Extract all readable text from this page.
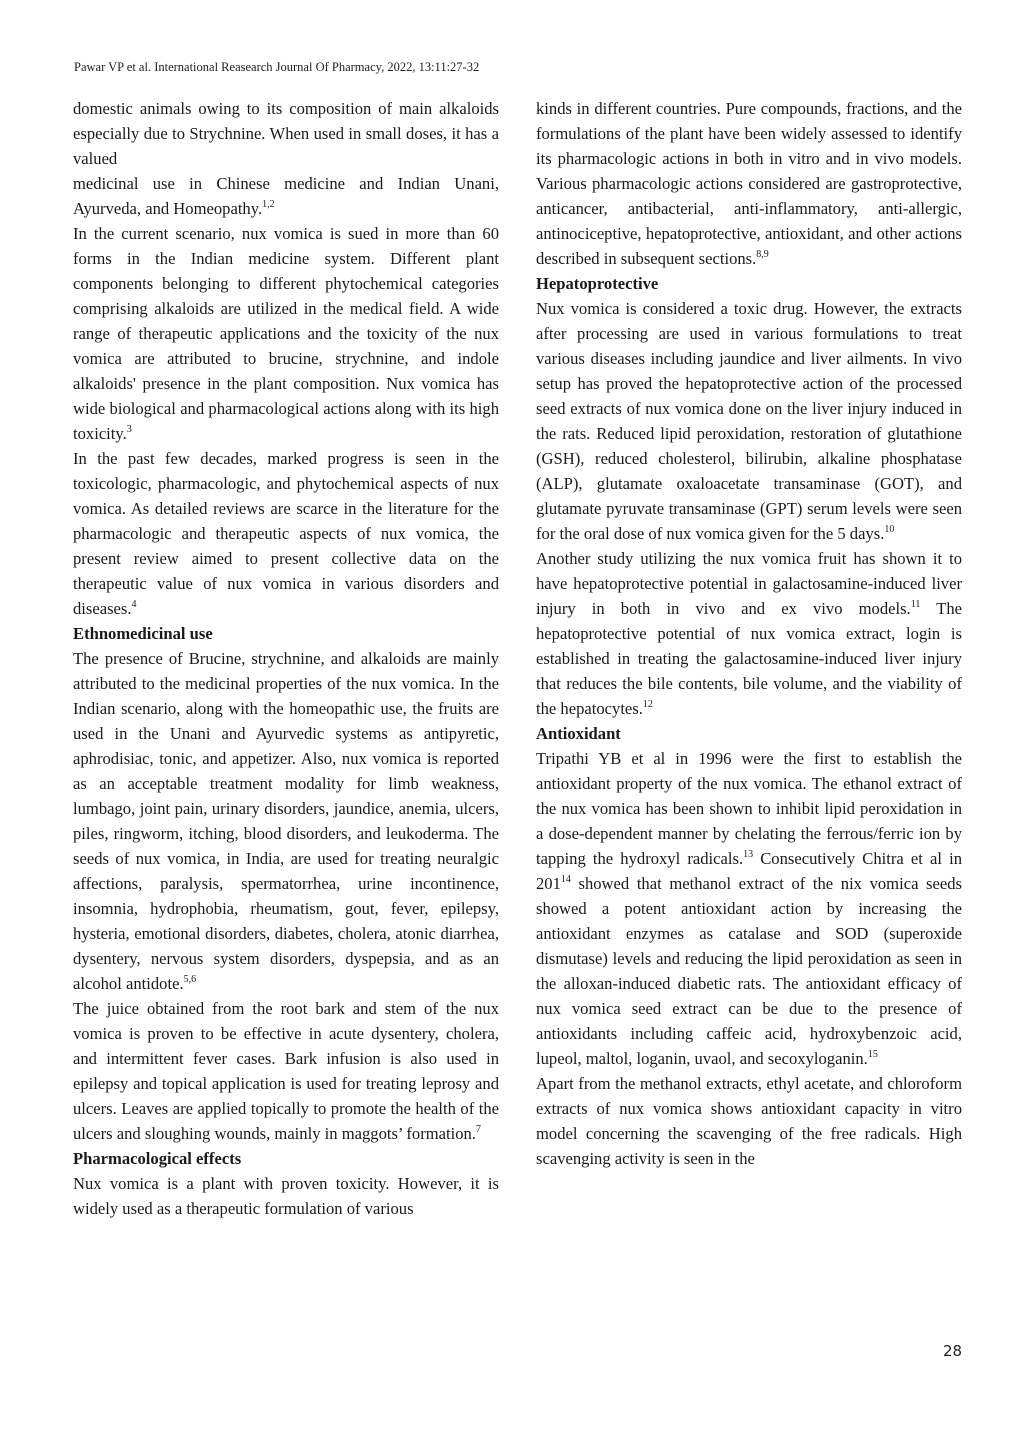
Pawar VP et al. International Reasearch Journal Of Pharmacy, 2022, 13:11:27-32

domestic animals owing to its composition of main alkaloids especially due to Strychnine. When used in small doses, it has a valued

medicinal use in Chinese medicine and Indian Unani, Ayurveda, and Homeopathy.$^{1,2}$

In the current scenario, nux vomica is sued in more than 60 forms in the Indian medicine system. Different plant components belonging to different phytochemical categories comprising alkaloids are utilized in the medical field. A wide range of therapeutic applications and the toxicity of the nux vomica are attributed to brucine, strychnine, and indole alkaloids' presence in the plant composition. Nux vomica has wide biological and pharmacological actions along with its high toxicity.$^3$

In the past few decades, marked progress is seen in the toxicologic, pharmacologic, and phytochemical aspects of nux vomica. As detailed reviews are scarce in the literature for the pharmacologic and therapeutic aspects of nux vomica, the present review aimed to present collective data on the therapeutic value of nux vomica in various disorders and diseases.$^4$

Ethnomedicinal use

The presence of Brucine, strychnine, and alkaloids are mainly attributed to the medicinal properties of the nux vomica. In the Indian scenario, along with the homeopathic use, the fruits are used in the Unani and Ayurvedic systems as antipyretic, aphrodisiac, tonic, and appetizer. Also, nux vomica is reported as an acceptable treatment modality for limb weakness, lumbago, joint pain, urinary disorders, jaundice, anemia, ulcers, piles, ringworm, itching, blood disorders, and leukoderma. The seeds of nux vomica, in India, are used for treating neuralgic affections, paralysis, spermatorrhea, urine incontinence, insomnia, hydrophobia, rheumatism, gout, fever, epilepsy, hysteria, emotional disorders, diabetes, cholera, atonic diarrhea, dysentery, nervous system disorders, dyspepsia, and as an alcohol antidote.$^{5,6}$

The juice obtained from the root bark and stem of the nux vomica is proven to be effective in acute dysentery, cholera, and intermittent fever cases. Bark infusion is also used in epilepsy and topical application is used for treating leprosy and ulcers. Leaves are applied topically to promote the health of the ulcers and sloughing wounds, mainly in maggots’ formation.$^7$

Pharmacological effects

Nux vomica is a plant with proven toxicity. However, it is widely used as a therapeutic formulation of various

kinds in different countries. Pure compounds, fractions, and the formulations of the plant have been widely assessed to identify its pharmacologic actions in both in vitro and in vivo models. Various pharmacologic actions considered are gastroprotective, anticancer, antibacterial, anti-inflammatory, anti-allergic, antinociceptive, hepatoprotective, antioxidant, and other actions described in subsequent sections.$^{8,9}$

Hepatoprotective

Nux vomica is considered a toxic drug. However, the extracts after processing are used in various formulations to treat various diseases including jaundice and liver ailments. In vivo setup has proved the hepatoprotective action of the processed seed extracts of nux vomica done on the liver injury induced in the rats. Reduced lipid peroxidation, restoration of glutathione (GSH), reduced cholesterol, bilirubin, alkaline phosphatase (ALP), glutamate oxaloacetate transaminase (GOT), and glutamate pyruvate transaminase (GPT) serum levels were seen for the oral dose of nux vomica given for the 5 days.$^{10}$

Another study utilizing the nux vomica fruit has shown it to have hepatoprotective potential in galactosamine-induced liver injury in both in vivo and ex vivo models.$^{11}$ The hepatoprotective potential of nux vomica extract, login is established in treating the galactosamine-induced liver injury that reduces the bile contents, bile volume, and the viability of the hepatocytes.$^{12}$

Antioxidant

Tripathi YB et al in 1996 were the first to establish the antioxidant property of the nux vomica. The ethanol extract of the nux vomica has been shown to inhibit lipid peroxidation in a dose-dependent manner by chelating the ferrous/ferric ion by tapping the hydroxyl radicals.$^{13}$ Consecutively Chitra et al in $201^{14}$ showed that methanol extract of the nix vomica seeds showed a potent antioxidant action by increasing the antioxidant enzymes as catalase and SOD (superoxide dismutase) levels and reducing the lipid peroxidation as seen in the alloxan-induced diabetic rats. The antioxidant efficacy of nux vomica seed extract can be due to the presence of antioxidants including caffeic acid, hydroxybenzoic acid, lupeol, maltol, loganin, uvaol, and secoxyloganin.$^{15}$

Apart from the methanol extracts, ethyl acetate, and chloroform extracts of nux vomica shows antioxidant capacity in vitro model concerning the scavenging of the free radicals. High scavenging activity is seen in the

28
